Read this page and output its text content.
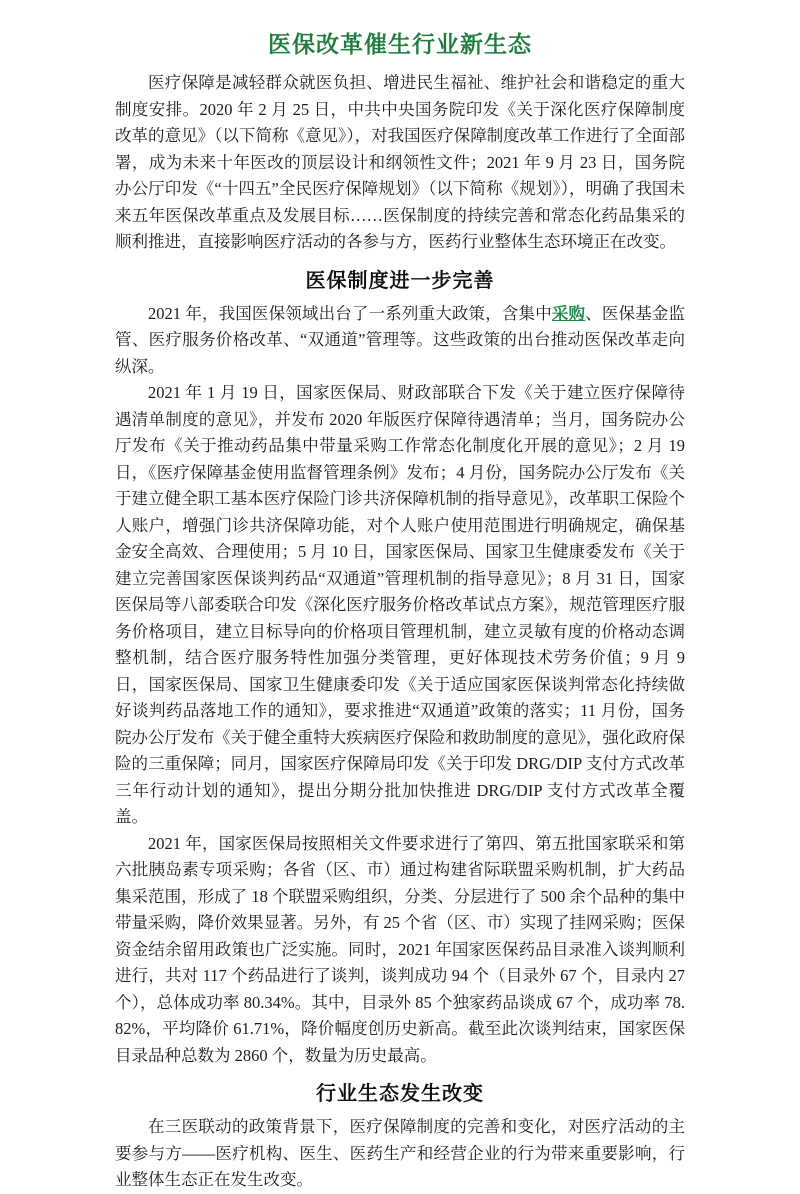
医保改革催生行业新生态

医疗保障是减轻群众就医负担、增进民生福祉、维护社会和谐稳定的重大制度安排。2020 年 2 月 25 日，中共中央国务院印发《关于深化医疗保障制度改革的意见》（以下简称《意见》），对我国医疗保障制度改革工作进行了全面部署，成为未来十年医改的顶层设计和纲领性文件；2021 年 9 月 23 日，国务院办公厅印发《“十四五”全民医疗保障规划》（以下简称《规划》），明确了我国未来五年医保改革重点及发展目标……医保制度的持续完善和常态化药品集采的顺利推进，直接影响医疗活动的各参与方，医药行业整体生态环境正在改变。

医保制度进一步完善

2021 年，我国医保领域出台了一系列重大政策，含集中采购、医保基金监管、医疗服务价格改革、“双通道”管理等。这些政策的出台推动医保改革走向纵深。

2021 年 1 月 19 日，国家医保局、财政部联合下发《关于建立医疗保障待遇清单制度的意见》，并发布 2020 年版医疗保障待遇清单；当月，国务院办公厅发布《关于推动药品集中带量采购工作常态化制度化开展的意见》；2 月 19 日，《医疗保障基金使用监督管理条例》发布；4 月份，国务院办公厅发布《关于建立健全职工基本医疗保险门诊共济保障机制的指导意见》，改革职工保险个人账户，增强门诊共济保障功能，对个人账户使用范围进行明确规定，确保基金安全高效、合理使用；5 月 10 日，国家医保局、国家卫生健康委发布《关于建立完善国家医保谈判药品“双通道”管理机制的指导意见》；8 月 31 日，国家医保局等八部委联合印发《深化医疗服务价格改革试点方案》，规范管理医疗服务价格项目，建立目标导向的价格项目管理机制，建立灵敏有度的价格动态调整机制，结合医疗服务特性加强分类管理，更好体现技术劳务价值；9 月 9 日，国家医保局、国家卫生健康委印发《关于适应国家医保谈判常态化持续做好谈判药品落地工作的通知》，要求推进“双通道”政策的落实；11 月份，国务院办公厅发布《关于健全重特大疾病医疗保险和救助制度的意见》，强化政府保险的三重保障；同月，国家医疗保障局印发《关于印发 DRG/DIP 支付方式改革三年行动计划的通知》，提出分期分批加快推进 DRG/DIP 支付方式改革全覆盖。

2021 年，国家医保局按照相关文件要求进行了第四、第五批国家联采和第六批胰岛素专项采购；各省（区、市）通过构建省际联盟采购机制，扩大药品集采范围，形成了 18 个联盟采购组织，分类、分层进行了 500 余个品种的集中带量采购，降价效果显著。另外，有 25 个省（区、市）实现了挂网采购；医保资金结余留用政策也广泛实施。同时，2021 年国家医保药品目录准入谈判顺利进行，共对 117 个药品进行了谈判，谈判成功 94 个（目录外 67 个，目录内 27 个），总体成功率 80.34%。其中，目录外 85 个独家药品谈成 67 个，成功率 78.82%，平均降价 61.71%，降价幅度创历史新高。截至此次谈判结束，国家医保目录品种总数为 2860 个，数量为历史最高。

行业生态发生改变

在三医联动的政策背景下，医疗保障制度的完善和变化，对医疗活动的主要参与方——医疗机构、医生、医药生产和经营企业的行为带来重要影响，行业整体生态正在发生改变。
